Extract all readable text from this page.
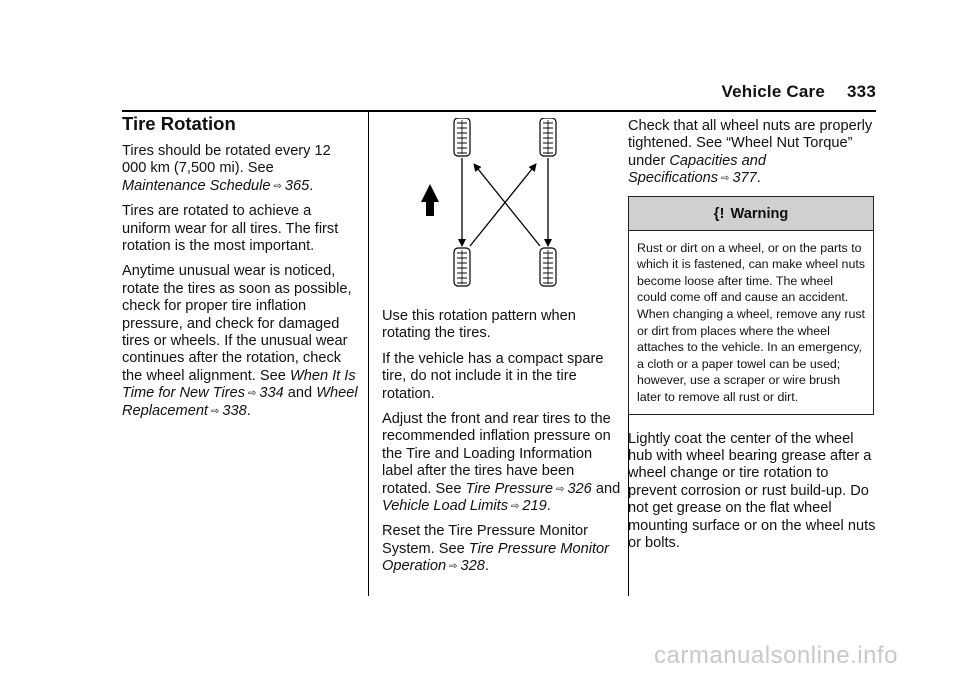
Vehicle Care 333
Tire Rotation

Tires should be rotated every 12 000 km (7,500 mi). See Maintenance Schedule ⇨ 365.

Tires are rotated to achieve a uniform wear for all tires. The first rotation is the most important.

Anytime unusual wear is noticed, rotate the tires as soon as possible, check for proper tire inflation pressure, and check for damaged tires or wheels. If the unusual wear continues after the rotation, check the wheel alignment. See When It Is Time for New Tires ⇨ 334 and Wheel Replacement ⇨ 338.

Use this rotation pattern when rotating the tires.

If the vehicle has a compact spare tire, do not include it in the tire rotation.

Adjust the front and rear tires to the recommended inflation pressure on the Tire and Loading Information label after the tires have been rotated. See Tire Pressure ⇨ 326 and Vehicle Load Limits ⇨ 219.

Reset the Tire Pressure Monitor System. See Tire Pressure Monitor Operation ⇨ 328.

Check that all wheel nuts are properly tightened. See “Wheel Nut Torque” under Capacities and Specifications ⇨ 377.

{! Warning

Rust or dirt on a wheel, or on the parts to which it is fastened, can make wheel nuts become loose after time. The wheel could come off and cause an accident. When changing a wheel, remove any rust or dirt from places where the wheel attaches to the vehicle. In an emergency, a cloth or a paper towel can be used; however, use a scraper or wire brush later to remove all rust or dirt.

Lightly coat the center of the wheel hub with wheel bearing grease after a wheel change or tire rotation to prevent corrosion or rust build-up. Do not get grease on the flat wheel mounting surface or on the wheel nuts or bolts.

carmanualsonline.info
